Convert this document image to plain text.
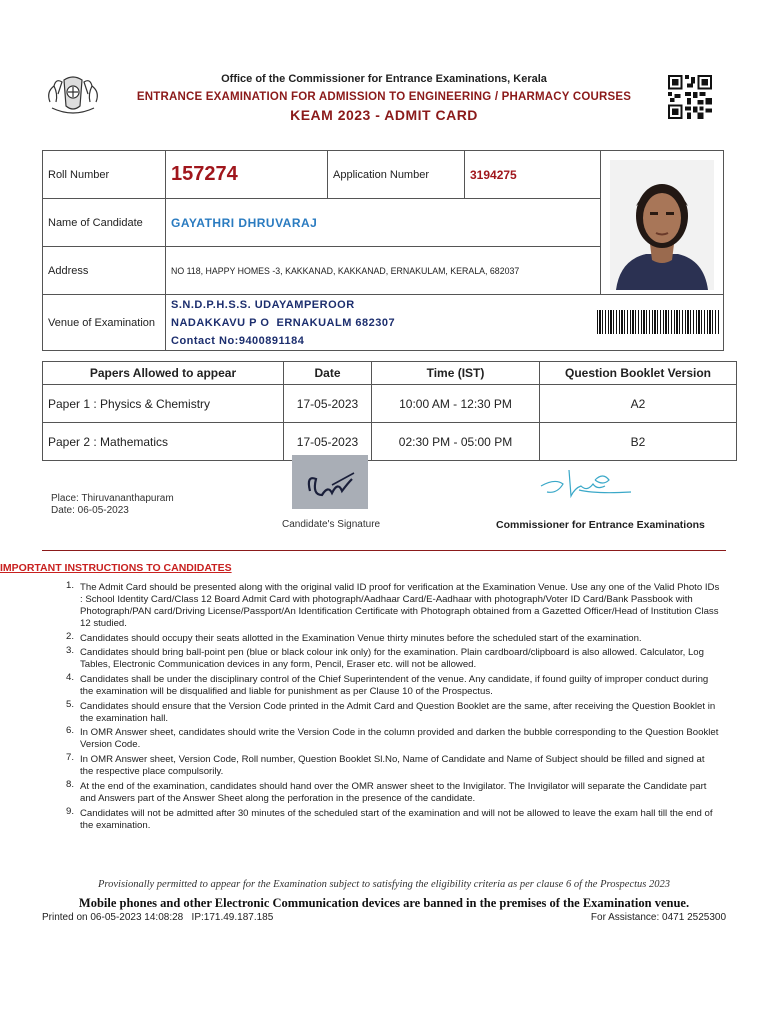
Office of the Commissioner for Entrance Examinations, Kerala
ENTRANCE EXAMINATION FOR ADMISSION TO ENGINEERING / PHARMACY COURSES
KEAM 2023 - ADMIT CARD
Roll Number	157274	Application Number	3194275	

Name of Candidate	GAYATHRI DHRUVARAJ			
Address	NO 118, HAPPY HOMES -3, KAKKANAD, KAKKANAD, ERNAKULAM, KERALA, 682037			
Venue of Examination	S.N.D.P.H.S.S. UDAYAMPEROOR
NADAKKAVU P O  ERNAKUALM 682307
Contact No:9400891184			
Papers Allowed to appear	Date	Time (IST)	Question Booklet Version
Paper 1 : Physics & Chemistry	17-05-2023	10:00 AM - 12:30 PM	A2
Paper 2 : Mathematics	17-05-2023	02:30 PM - 05:00 PM	B2
Place: Thiruvananthapuram
Date: 06-05-2023
Candidate's Signature	Commissioner for Entrance Examinations
IMPORTANT INSTRUCTIONS TO CANDIDATES
1. The Admit Card should be presented along with the original valid ID proof for verification at the Examination Venue. Use any one of the Valid Photo IDs : School Identity Card/Class 12 Board Admit Card with photograph/Aadhaar Card/E-Aadhaar with photograph/Voter ID Card/Bank Passbook with Photograph/PAN card/Driving License/Passport/An Identification Certificate with Photograph obtained from a Gazetted Officer/Head of Institution Class 12 studied.
2. Candidates should occupy their seats allotted in the Examination Venue thirty minutes before the scheduled start of the examination.
3. Candidates should bring ball-point pen (blue or black colour ink only) for the examination. Plain cardboard/clipboard is also allowed. Calculator, Log Tables, Electronic Communication devices in any form, Pencil, Eraser etc. will not be allowed.
4. Candidates shall be under the disciplinary control of the Chief Superintendent of the venue. Any candidate, if found guilty of improper conduct during the examination will be disqualified and liable for punishment as per Clause 10 of the Prospectus.
5. Candidates should ensure that the Version Code printed in the Admit Card and Question Booklet are the same, after receiving the Question Booklet in the examination hall.
6. In OMR Answer sheet, candidates should write the Version Code in the column provided and darken the bubble corresponding to the Question Booklet Version Code.
7. In OMR Answer sheet, Version Code, Roll number, Question Booklet Sl.No, Name of Candidate and Name of Subject should be filled and signed at the respective place compulsorily.
8. At the end of the examination, candidates should hand over the OMR answer sheet to the Invigilator. The Invigilator will separate the Candidate part and Answers part of the Answer Sheet along the perforation in the presence of the candidate.
9. Candidates will not be admitted after 30 minutes of the scheduled start of the examination and will not be allowed to leave the exam hall till the end of the examination.
Provisionally permitted to appear for the Examination subject to satisfying the eligibility criteria as per clause 6 of the Prospectus 2023
Mobile phones and other Electronic Communication devices are banned in the premises of the Examination venue.
Printed on 06-05-2023 14:08:28   IP:171.49.187.185	For Assistance: 0471 2525300
